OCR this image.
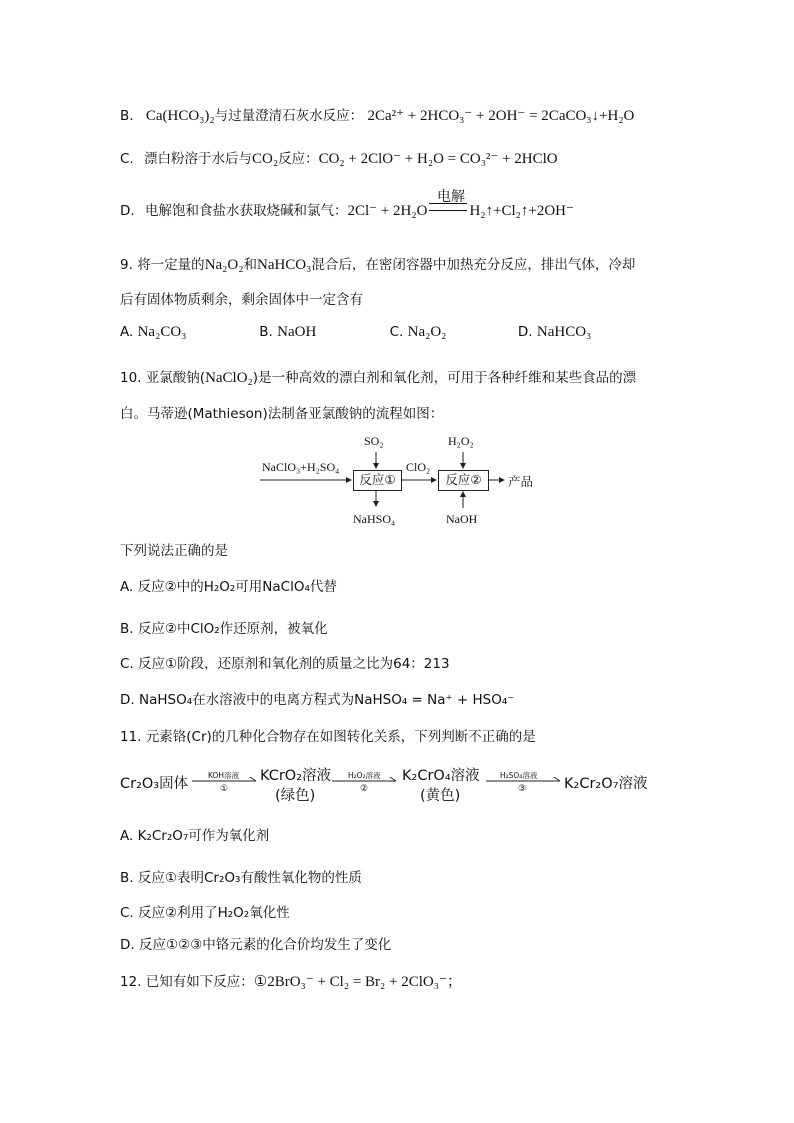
B. Ca(HCO₃)₂与过量澄清石灰水反应： 2Ca²⁺ + 2HCO₃⁻ + 2OH⁻ = 2CaCO₃↓+H₂O
C. 漂白粉溶于水后与CO₂反应：CO₂ + 2ClO⁻ + H₂O = CO₃²⁻ + 2HClO
D. 电解饱和食盐水获取烧碱和氯气：2Cl⁻ + 2H₂O	H₂↑+Cl₂↑+2OH⁻
电解
9. 将一定量的Na₂O₂和NaHCO₃混合后，在密闭容器中加热充分反应，排出气体，冷却
后有固体物质剩余，剩余固体中一定含有
A. Na₂CO₃	B. NaOH	C. Na₂O₂	D. NaHCO₃
10. 亚氯酸钠(NaClO₂)是一种高效的漂白剂和氧化剂，可用于各种纤维和某些食品的漂
白。马蒂逊(Mathieson)法制备亚氯酸钠的流程如图：
NaClO₃+H₂SO₄
SO₂
反应①
NaHSO₄
ClO₂
H₂O₂
反应②
NaOH
产品
下列说法正确的是
A. 反应②中的H₂O₂可用NaClO₄代替
B. 反应②中ClO₂作还原剂，被氧化
C. 反应①阶段，还原剂和氧化剂的质量之比为64：213
D. NaHSO₄在水溶液中的电离方程式为NaHSO₄ = Na⁺ + HSO₄⁻
11. 元素铬(Cr)的几种化合物存在如图转化关系，下列判断不正确的是
Cr₂O₃固体
KOH溶液
①
KCrO₂溶液
(绿色)
H₂O₂溶液
②
K₂CrO₄溶液
(黄色)
H₂SO₄溶液
③	K₂Cr₂O₇溶液
A. K₂Cr₂O₇可作为氧化剂
B. 反应①表明Cr₂O₃有酸性氧化物的性质
C. 反应②利用了H₂O₂氧化性
D. 反应①②③中铬元素的化合价均发生了变化
12. 已知有如下反应：①2BrO₃⁻ + Cl₂ = Br₂ + 2ClO₃⁻；
